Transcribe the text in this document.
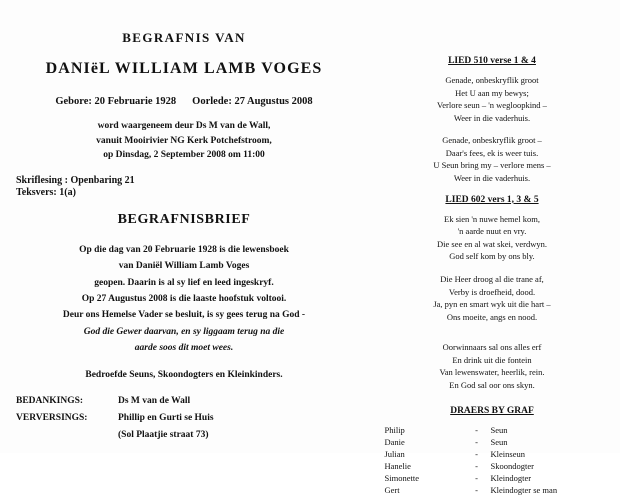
BEGRAFNIS VAN
DANIëL WILLIAM LAMB VOGES
Gebore: 20 Februarie 1928 Oorlede: 27 Augustus 2008
word waargeneem deur Ds M van de Wall,
vanuit Mooirivier NG Kerk Potchefstroom,
op Dinsdag, 2 September 2008 om 11:00
Skriflesing : Openbaring 21
Teksvers: 1(a)
BEGRAFNISBRIEF
Op die dag van 20 Februarie 1928 is die lewensboek
van Daniël William Lamb Voges
geopen. Daarin is al sy lief en leed ingeskryf.
Op 27 Augustus 2008 is die laaste hoofstuk voltooi.
Deur ons Hemelse Vader se besluit, is sy gees terug na God -
God die Gewer daarvan, en sy liggaam terug na die
aarde soos dit moet wees.
Bedroefde Seuns, Skoondogters en Kleinkinders.
BEDANKINGS:	Ds M van de Wall
VERVERSINGS:	Phillip en Gurti se Huis
(Sol Plaatjie straat 73)
LIED 510 verse 1 & 4
Genade, onbeskryflik groot
Het U aan my bewys;
Verlore seun – 'n wegloopkind –
Weer in die vaderhuis.
Genade, onbeskryflik groot –
Daar's fees, ek is weer tuis.
U Seun bring my – verlore mens –
Weer in die vaderhuis.
LIED 602 vers 1, 3 & 5
Ek sien 'n nuwe hemel kom,
'n aarde nuut en vry.
Die see en al wat skei, verdwyn.
God self kom by ons bly.
Die Heer droog al die trane af,
Verby is droefheid, dood.
Ja, pyn en smart wyk uit die hart –
Ons moeite, angs en nood.
Oorwinnaars sal ons alles erf
En drink uit die fontein
Van lewenswater, heerlik, rein.
En God sal oor ons skyn.
DRAERS BY GRAF
Philip	-	Seun
Danie	-	Seun
Julian	-	Kleinseun
Hanelie	-	Skoondogter
Simonette	-	Kleindogter
Gert	-	Kleindogter se man
